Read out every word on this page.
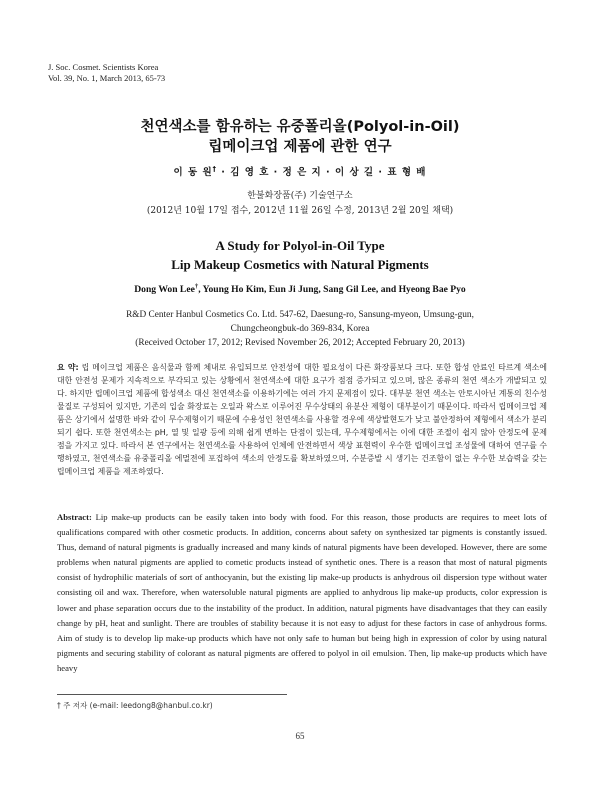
J. Soc. Cosmet. Scientists Korea
Vol. 39, No. 1, March 2013, 65-73
천연색소를 함유하는 유중폴리올(Polyol-in-Oil)
립메이크업 제품에 관한 연구
이 동 원† · 김 영 호 · 정 은 지 · 이 상 길 · 표 형 배
한불화장품(주) 기술연구소
(2012년 10월 17일 접수, 2012년 11월 26일 수정, 2013년 2월 20일 채택)
A Study for Polyol-in-Oil Type
Lip Makeup Cosmetics with Natural Pigments
Dong Won Lee†, Young Ho Kim, Eun Ji Jung, Sang Gil Lee, and Hyeong Bae Pyo
R&D Center Hanbul Cosmetics Co. Ltd. 547-62, Daesung-ro, Sansung-myeon, Umsung-gun,
Chungcheongbuk-do 369-834, Korea
(Received October 17, 2012; Revised November 26, 2012; Accepted February 20, 2013)
요 약: 립 메이크업 제품은 음식물과 함께 체내로 유입되므로 안전성에 대한 필요성이 다른 화장품보다 크다. 또한 합성 안료인 타르계 색소에 대한 안전성 문제가 지속적으로 부각되고 있는 상황에서 천연색소에 대한 요구가 점점 증가되고 있으며, 많은 종류의 천연 색소가 개발되고 있다. 하지만 립메이크업 제품에 합성색소 대신 천연색소를 이용하기에는 여러 가지 문제점이 있다. 대부분 천연 색소는 안토시아닌 계통의 친수성 물질로 구성되어 있지만, 기존의 입술 화장료는 오일과 왁스로 이루어진 무수상태의 유분산 제형이 대부분이기 때문이다. 따라서 립메이크업 제품은 상기에서 설명한 바와 같이 무수제형이기 때문에 수용성인 천연색소를 사용할 경우에 색상발현도가 낮고 불안정하여 제형에서 색소가 분리되기 쉽다. 또한 천연색소는 pH, 열 및 일광 등에 의해 쉽게 변하는 단점이 있는데, 무수제형에서는 이에 대한 조절이 쉽지 않아 안정도에 문제점을 가지고 있다. 따라서 본 연구에서는 천연색소를 사용하여 인체에 안전하면서 색상 표현력이 우수한 립메이크업 조성물에 대하여 연구를 수행하였고, 천연색소를 유중폴리올 에멀젼에 포집하여 색소의 안정도를 확보하였으며, 수분증발 시 생기는 건조함이 없는 우수한 보습력을 갖는 립메이크업 제품을 제조하였다.
Abstract: Lip make-up products can be easily taken into body with food. For this reason, those products are requires to meet lots of qualifications compared with other cosmetic products. In addition, concerns about safety on synthesized tar pigments is constantly issued. Thus, demand of natural pigments is gradually increased and many kinds of natural pigments have been developed. However, there are some problems when natural pigments are applied to cometic products instead of synthetic ones. There is a reason that most of natural pigments consist of hydrophilic materials of sort of anthocyanin, but the existing lip make-up products is anhydrous oil dispersion type without water consisting oil and wax. Therefore, when watersoluble natural pigments are applied to anhydrous lip make-up products, color expression is lower and phase separation occurs due to the instability of the product. In addition, natural pigments have disadvantages that they can easily change by pH, heat and sunlight. There are troubles of stability because it is not easy to adjust for these factors in case of anhydrous forms. Aim of study is to develop lip make-up products which have not only safe to human but being high in expression of color by using natural pigments and securing stability of colorant as natural pigments are offered to polyol in oil emulsion. Then, lip make-up products which have heavy
† 주 저자 (e-mail: leedong8@hanbul.co.kr)
65
